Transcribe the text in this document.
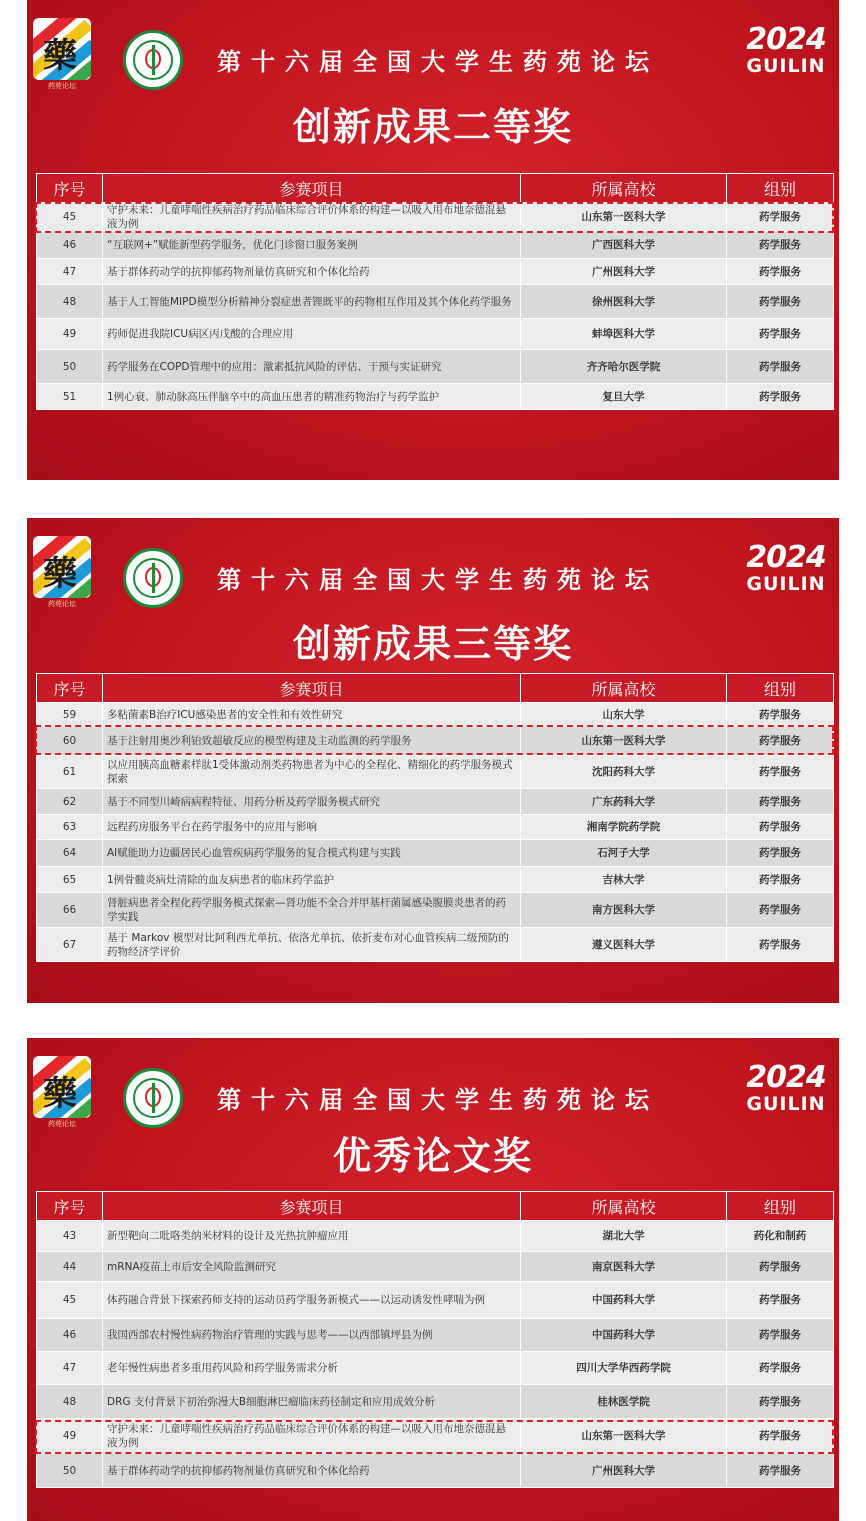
藥
药苑论坛
第十六届全国大学生药苑论坛
2024
GUILIN
藥
药苑论坛
第十六届全国大学生药苑论坛
2024
GUILIN
藥
药苑论坛
第十六届全国大学生药苑论坛
2024
GUILIN
创新成果二等奖
创新成果三等奖
优秀论文奖
序号	参赛项目	所属高校	组别
45	守护未来：儿童哮喘性疾病治疗药品临床综合评价体系的构建—以吸入用布地奈德混悬液为例	山东第一医科大学	药学服务
46	“互联网+”赋能新型药学服务，优化门诊窗口服务案例	广西医科大学	药学服务
47	基于群体药动学的抗抑郁药物剂量仿真研究和个体化给药	广州医科大学	药学服务
48	基于人工智能MIPD模型分析精神分裂症患者锂既平的药物相互作用及其个体化药学服务	徐州医科大学	药学服务
49	药师促进我院ICU病区丙戊酸的合理应用	蚌埠医科大学	药学服务
50	药学服务在COPD管理中的应用：激素抵抗风险的评估、干预与实证研究	齐齐哈尔医学院	药学服务
51	1例心衰、肺动脉高压伴脑卒中的高血压患者的精准药物治疗与药学监护	复旦大学	药学服务
序号	参赛项目	所属高校	组别
59	多粘菌素B治疗ICU感染患者的安全性和有效性研究	山东大学	药学服务
60	基于注射用奥沙利铂致超敏反应的模型构建及主动监测的药学服务	山东第一医科大学	药学服务
61	以应用胰高血糖素样肽1受体激动剂类药物患者为中心的全程化、精细化的药学服务模式探索	沈阳药科大学	药学服务
62	基于不同型川崎病病程特征、用药分析及药学服务模式研究	广东药科大学	药学服务
63	远程药房服务平台在药学服务中的应用与影响	湘南学院药学院	药学服务
64	AI赋能助力边疆居民心血管疾病药学服务的复合模式构建与实践	石河子大学	药学服务
65	1例骨髓炎病灶清除的血友病患者的临床药学监护	吉林大学	药学服务
66	肾脏病患者全程化药学服务模式探索—肾功能不全合并甲基杆菌属感染腹膜炎患者的药学实践	南方医科大学	药学服务
67	基于 Markov 模型对比阿利西尤单抗、依洛尤单抗、依折麦布对心血管疾病二级预防的药物经济学评价	遵义医科大学	药学服务
序号	参赛项目	所属高校	组别
43	新型靶向二吡咯类纳米材料的设计及光热抗肿瘤应用	湖北大学	药化和制药
44	mRNA疫苗上市后安全风险监测研究	南京医科大学	药学服务
45	体药融合背景下探索药师支持的运动员药学服务新模式——以运动诱发性哮喘为例	中国药科大学	药学服务
46	我国西部农村慢性病药物治疗管理的实践与思考——以西部镇坪县为例	中国药科大学	药学服务
47	老年慢性病患者多重用药风险和药学服务需求分析	四川大学华西药学院	药学服务
48	DRG 支付背景下初治弥漫大B细胞淋巴瘤临床药径制定和应用成效分析	桂林医学院	药学服务
49	守护未来：儿童哮喘性疾病治疗药品临床综合评价体系的构建—以吸入用布地奈德混悬液为例	山东第一医科大学	药学服务
50	基于群体药动学的抗抑郁药物剂量仿真研究和个体化给药	广州医科大学	药学服务
